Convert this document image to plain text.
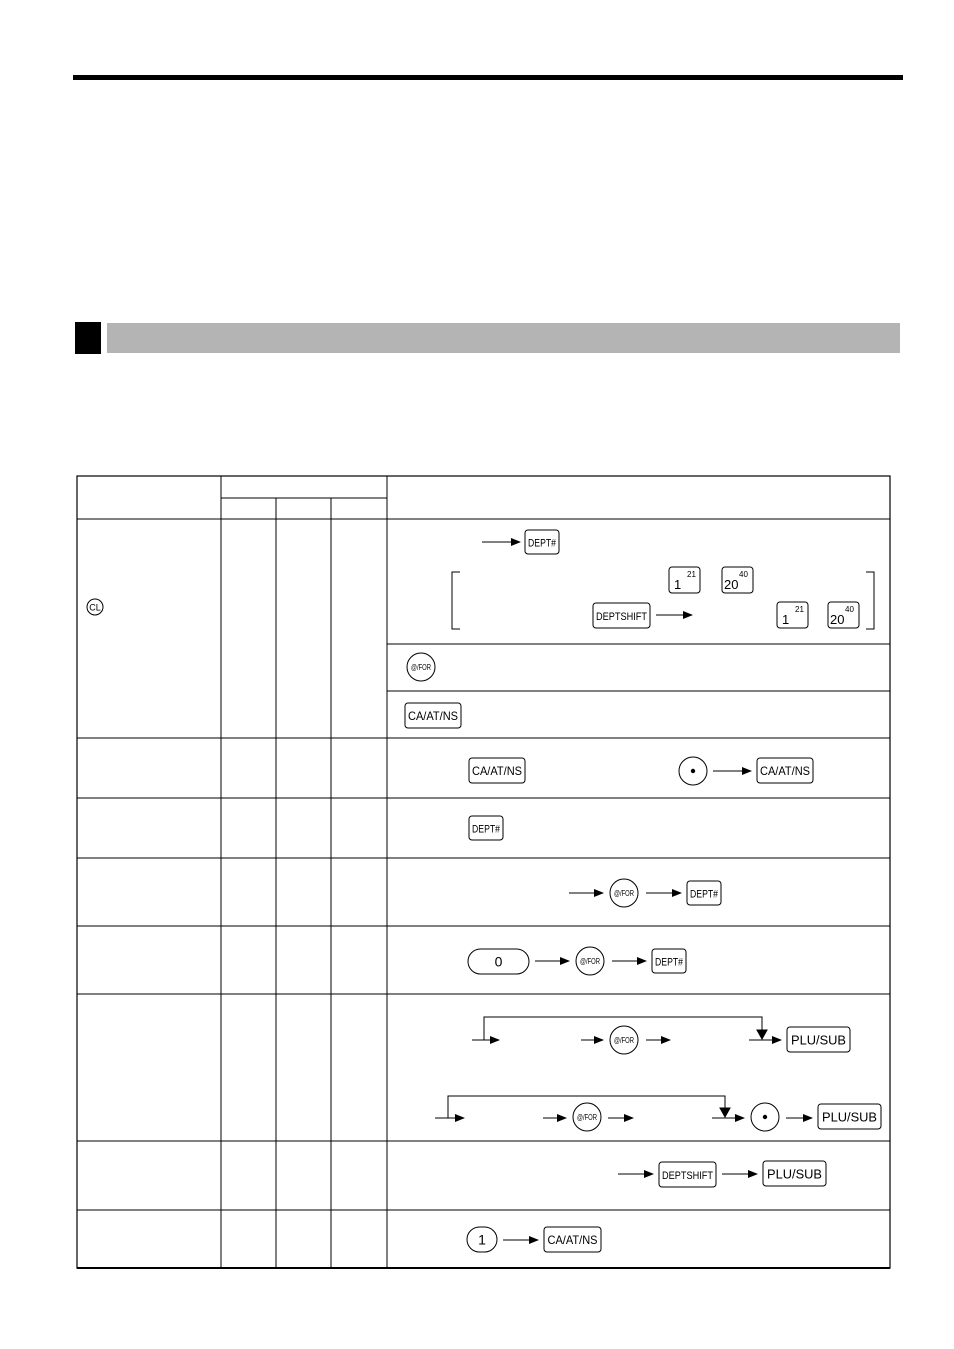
CL
DEPT#
1
21
20
40
DEPTSHIFT	1
21
20
40
@/FOR
CA/AT/NS
CA/AT/NS	CA/AT/NS
DEPT#
@/FOR	DEPT#
0	@/FOR	DEPT#
@/FOR	PLU/SUB
@/FOR	PLU/SUB
DEPTSHIFT	PLU/SUB
1	CA/AT/NS
